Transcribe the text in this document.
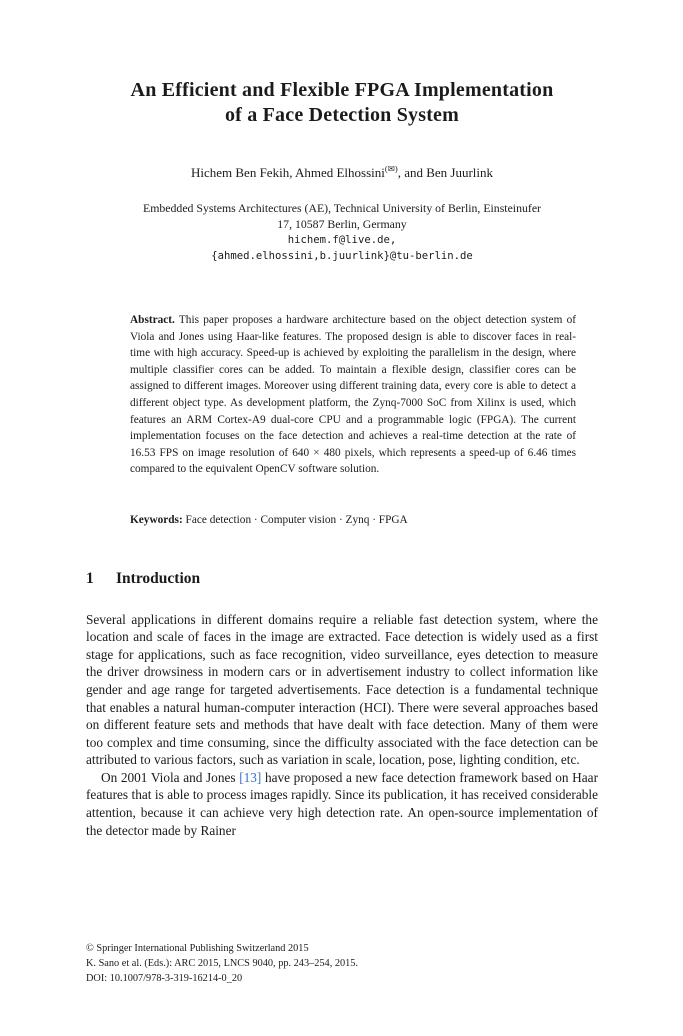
An Efficient and Flexible FPGA Implementation
of a Face Detection System
Hichem Ben Fekih, Ahmed Elhossini(✉), and Ben Juurlink
Embedded Systems Architectures (AE), Technical University of Berlin, Einsteinufer
17, 10587 Berlin, Germany
hichem.f@live.de,
{ahmed.elhossini,b.juurlink}@tu-berlin.de
Abstract. This paper proposes a hardware architecture based on the object detection system of Viola and Jones using Haar-like features. The proposed design is able to discover faces in real-time with high accuracy. Speed-up is achieved by exploiting the parallelism in the design, where multiple classifier cores can be added. To maintain a flexible design, classifier cores can be assigned to different images. Moreover using different training data, every core is able to detect a different object type. As development platform, the Zynq-7000 SoC from Xilinx is used, which features an ARM Cortex-A9 dual-core CPU and a programmable logic (FPGA). The current implementation focuses on the face detection and achieves a real-time detection at the rate of 16.53 FPS on image resolution of 640 × 480 pixels, which represents a speed-up of 6.46 times compared to the equivalent OpenCV software solution.
Keywords: Face detection · Computer vision · Zynq · FPGA
1	Introduction

Several applications in different domains require a reliable fast detection system, where the location and scale of faces in the image are extracted. Face detection is widely used as a first stage for applications, such as face recognition, video surveillance, eyes detection to measure the driver drowsiness in modern cars or in advertisement industry to collect information like gender and age range for targeted advertisements. Face detection is a fundamental technique that enables a natural human-computer interaction (HCI). There were several approaches based on different feature sets and methods that have dealt with face detection. Many of them were too complex and time consuming, since the difficulty associated with the face detection can be attributed to various factors, such as variation in scale, location, pose, lighting condition, etc.

On 2001 Viola and Jones [13] have proposed a new face detection framework based on Haar features that is able to process images rapidly. Since its publication, it has received considerable attention, because it can achieve very high detection rate. An open-source implementation of the detector made by Rainer

© Springer International Publishing Switzerland 2015
K. Sano et al. (Eds.): ARC 2015, LNCS 9040, pp. 243–254, 2015.
DOI: 10.1007/978-3-319-16214-0_20
